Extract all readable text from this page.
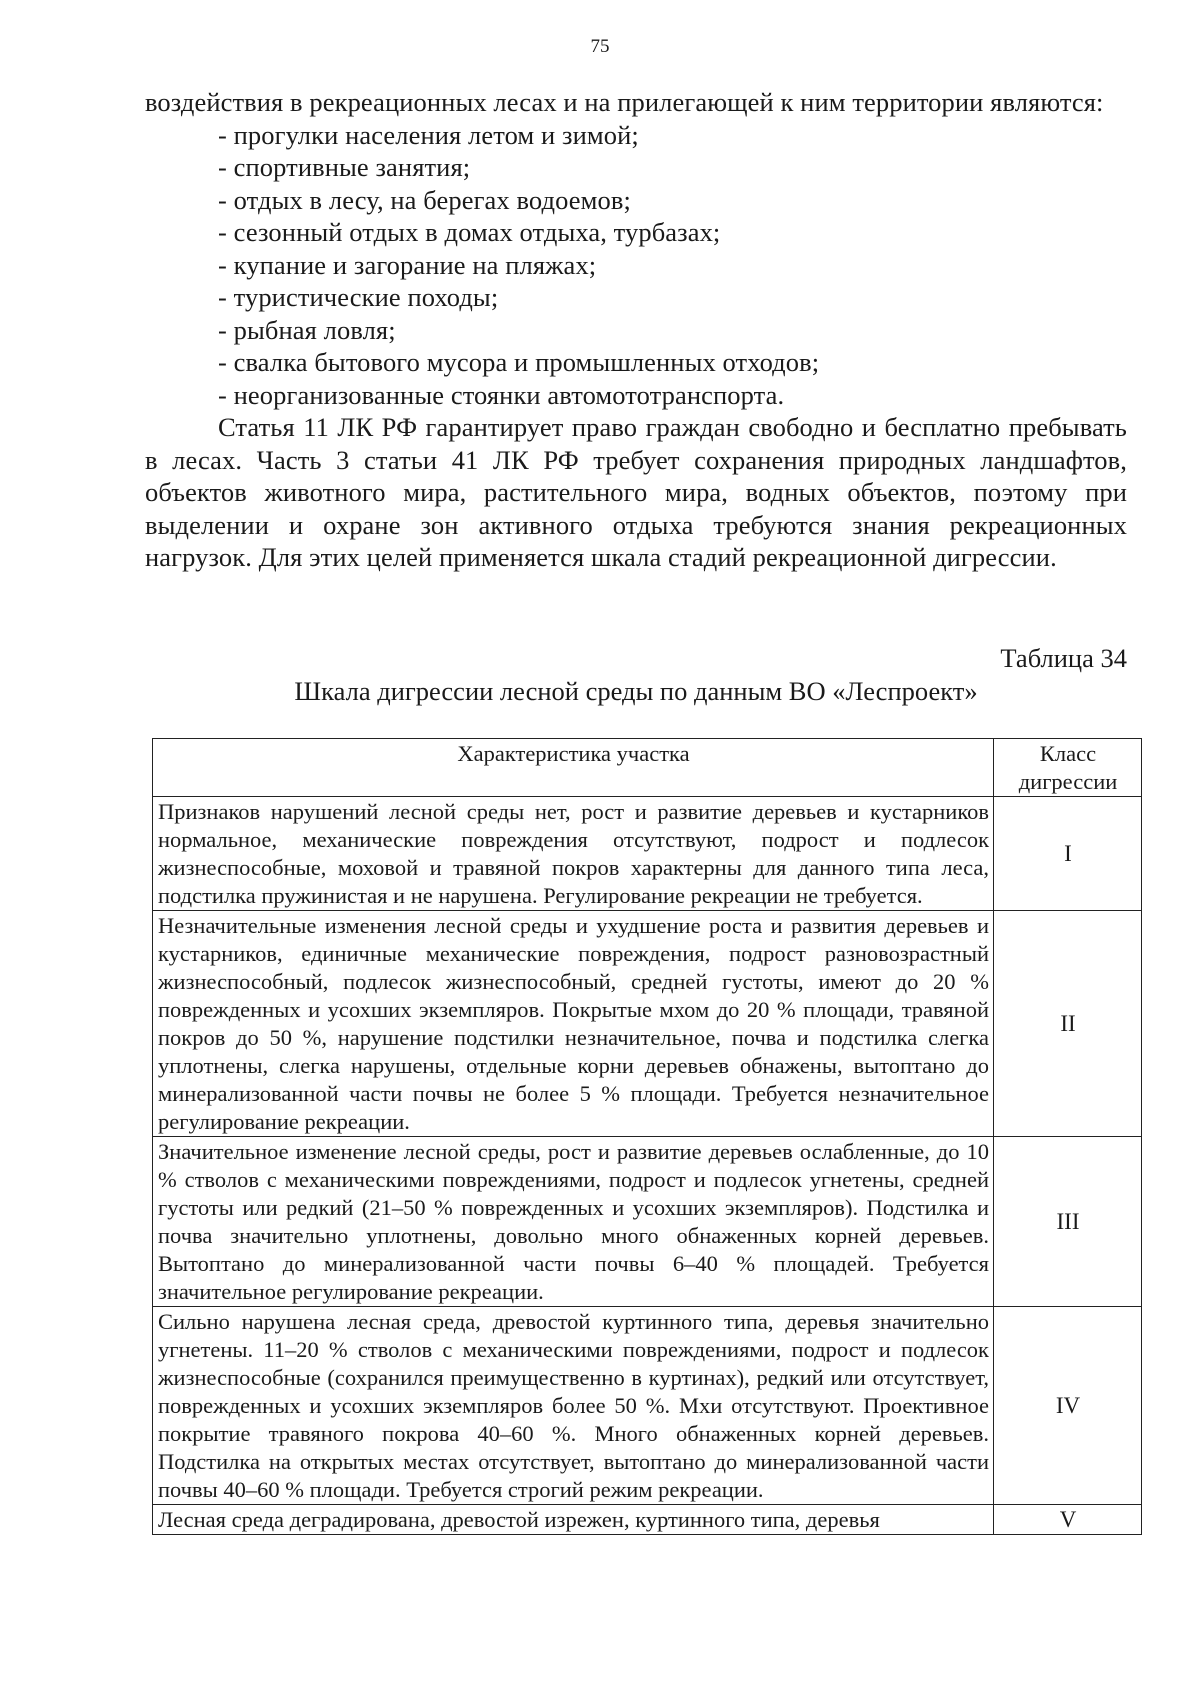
75

воздействия в рекреационных лесах и на прилегающей к ним территории являются:

- прогулки населения летом и зимой;
- спортивные занятия;
- отдых в лесу, на берегах водоемов;
- сезонный отдых в домах отдыха, турбазах;
- купание и загорание на пляжах;
- туристические походы;
- рыбная ловля;
- свалка бытового мусора и промышленных отходов;
- неорганизованные стоянки автомототранспорта.

Статья 11 ЛК РФ гарантирует право граждан свободно и бесплатно пребывать в лесах. Часть 3 статьи 41 ЛК РФ требует сохранения природных ландшафтов, объектов животного мира, растительного мира, водных объектов, поэтому при выделении и охране зон активного отдыха требуются знания рекреационных нагрузок. Для этих целей применяется шкала стадий рекреационной дигрессии.

Таблица 34
Шкала дигрессии лесной среды по данным ВО «Леспроект»
Характеристика участка	Класс
дигрессии
Признаков нарушений лесной среды нет, рост и развитие деревьев и кустарников нормальное, механические повреждения отсутствуют, подрост и подлесок жизнеспособные, моховой и травяной покров характерны для данного типа леса, подстилка пружинистая и не нарушена. Регулирование рекреации не требуется.	I
Незначительные изменения лесной среды и ухудшение роста и развития деревьев и кустарников, единичные механические повреждения, подрост разновозрастный жизнеспособный, подлесок жизнеспособный, средней густоты, имеют до 20 % поврежденных и усохших экземпляров. Покрытые мхом до 20 % площади, травяной покров до 50 %, нарушение подстилки незначительное, почва и подстилка слегка уплотнены, слегка нарушены, отдельные корни деревьев обнажены, вытоптано до минерализованной части почвы не более 5 % площади. Требуется незначительное регулирование рекреации.	II
Значительное изменение лесной среды, рост и развитие деревьев ослабленные, до 10 % стволов с механическими повреждениями, подрост и подлесок угнетены, средней густоты или редкий (21–50 % поврежденных и усохших экземпляров). Подстилка и почва значительно уплотнены, довольно много обнаженных корней деревьев. Вытоптано до минерализованной части почвы 6–40 % площадей. Требуется значительное регулирование рекреации.	III
Сильно нарушена лесная среда, древостой куртинного типа, деревья значительно угнетены. 11–20 % стволов с механическими повреждениями, подрост и подлесок жизнеспособные (сохранился преимущественно в куртинах), редкий или отсутствует, поврежденных и усохших экземпляров более 50 %. Мхи отсутствуют. Проективное покрытие травяного покрова 40–60 %. Много обнаженных корней деревьев. Подстилка на открытых местах отсутствует, вытоптано до минерализованной части почвы 40–60 % площади. Требуется строгий режим рекреации.	IV
Лесная среда деградирована, древостой изрежен, куртинного типа, деревья	V
